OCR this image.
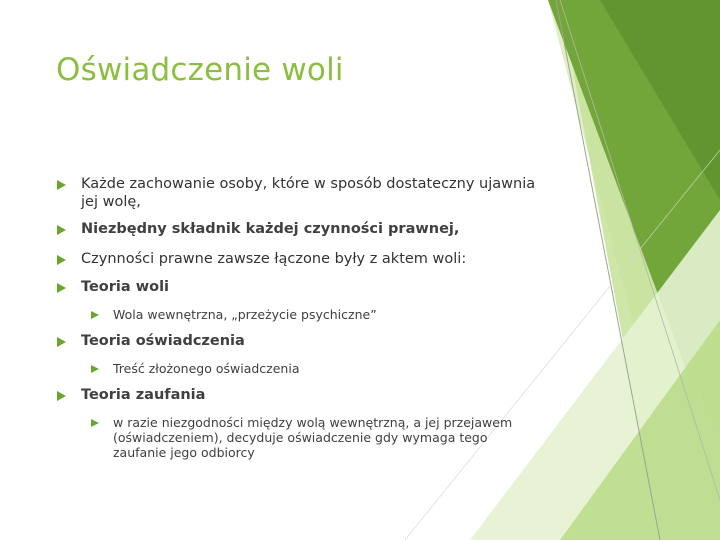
Oświadczenie woli
Każde zachowanie osoby, które w sposób dostateczny ujawnia jej wolę,
Niezbędny składnik każdej czynności prawnej,
Czynności prawne zawsze łączone były z aktem woli:
Teoria woli
Wola wewnętrzna, „przeżycie psychiczne”
Teoria oświadczenia
Treść złożonego oświadczenia
Teoria zaufania
w razie niezgodności między wolą wewnętrzną, a jej przejawem (oświadczeniem), decyduje oświadczenie gdy wymaga tego zaufanie jego odbiorcy
